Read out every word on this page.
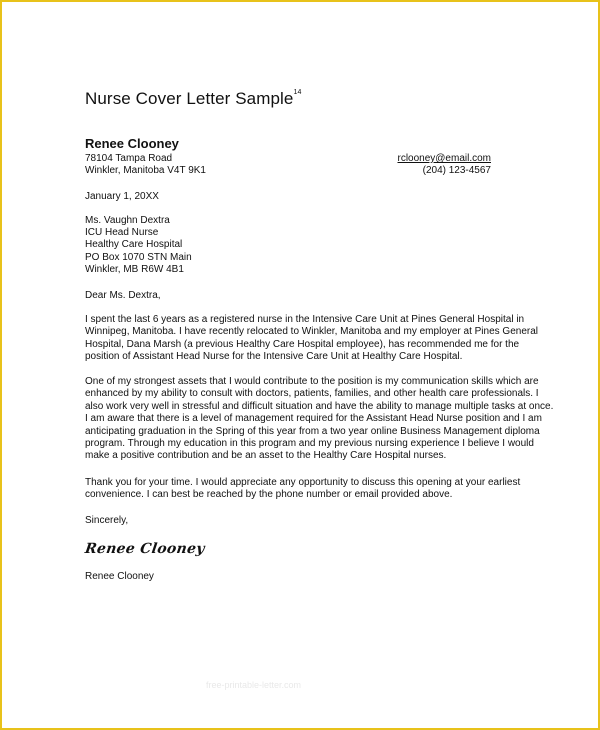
Nurse Cover Letter Sample$^{14}$
Renee Clooney
78104 Tampa Road
Winkler, Manitoba V4T 9K1
rclooney@email.com
(204) 123-4567
January 1, 20XX
Ms. Vaughn Dextra
ICU Head Nurse
Healthy Care Hospital
PO Box 1070 STN Main
Winkler, MB R6W 4B1
Dear Ms. Dextra,
I spent the last 6 years as a registered nurse in the Intensive Care Unit at Pines General Hospital in Winnipeg, Manitoba. I have recently relocated to Winkler, Manitoba and my employer at Pines General Hospital, Dana Marsh (a previous Healthy Care Hospital employee), has recommended me for the position of Assistant Head Nurse for the Intensive Care Unit at Healthy Care Hospital.
One of my strongest assets that I would contribute to the position is my communication skills which are enhanced by my ability to consult with doctors, patients, families, and other health care professionals. I also work very well in stressful and difficult situation and have the ability to manage multiple tasks at once. I am aware that there is a level of management required for the Assistant Head Nurse position and I am anticipating graduation in the Spring of this year from a two year online Business Management diploma program. Through my education in this program and my previous nursing experience I believe I would make a positive contribution and be an asset to the Healthy Care Hospital nurses.
Thank you for your time. I would appreciate any opportunity to discuss this opening at your earliest convenience. I can best be reached by the phone number or email provided above.
Sincerely,
Renee Clooney
Renee Clooney
free-printable-letter.com
